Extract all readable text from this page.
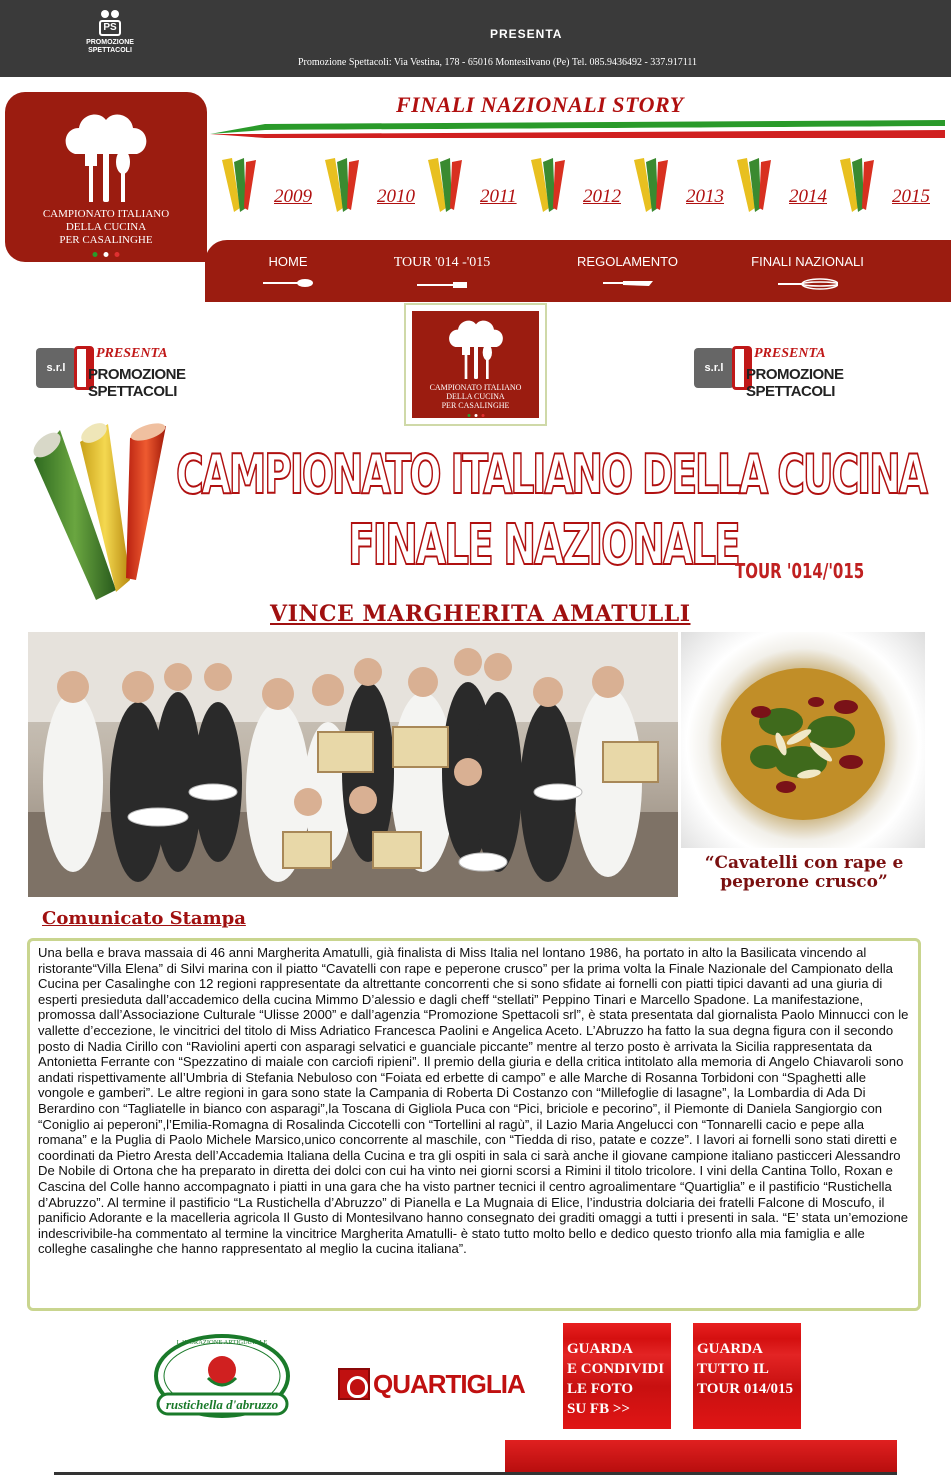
PS
PROMOZIONE SPETTACOLI
PRESENTA
Promozione Spettacoli: Via Vestina, 178 - 65016 Montesilvano (Pe) Tel. 085.9436492 - 337.917111
CAMPIONATO ITALIANO
DELLA CUCINA
PER CASALINGHE
FINALI NAZIONALI STORY
2009	2010	2011	2012	2013	2014	2015
HOME	TOUR '014 -'015	REGOLAMENTO	FINALI NAZIONALI
s.r.l
PRESENTA
PROMOZIONE SPETTACOLI	CAMPIONATO ITALIANO
DELLA CUCINA
PER CASALINGHE
s.r.l
PRESENTA
PROMOZIONE SPETTACOLI
CAMPIONATO ITALIANO DELLA CUCINA
FINALE NAZIONALE
TOUR '014/'015
VINCE MARGHERITA AMATULLI
“Cavatelli con rape e peperone crusco”
Comunicato Stampa

Una bella e brava massaia di 46 anni Margherita Amatulli, già finalista di Miss Italia nel lontano 1986, ha portato in alto la Basilicata vincendo al ristorante“Villa Elena” di Silvi marina con il piatto “Cavatelli con rape e peperone crusco” per la prima volta la Finale Nazionale del Campionato della Cucina per Casalinghe con 12 regioni rappresentate da altrettante concorrenti che si sono sfidate ai fornelli con piatti tipici davanti ad una giuria di esperti presieduta dall’accademico della cucina Mimmo D’alessio e dagli cheff “stellati” Peppino Tinari e Marcello Spadone. La manifestazione, promossa dall’Associazione Culturale “Ulisse 2000” e dall’agenzia “Promozione Spettacoli srl”, è stata presentata dal giornalista Paolo Minnucci con le vallette d’eccezione, le vincitrici del titolo di Miss Adriatico Francesca Paolini e Angelica Aceto. L’Abruzzo ha fatto la sua degna figura con il secondo posto di Nadia Cirillo con “Raviolini aperti con asparagi selvatici e guanciale piccante” mentre al terzo posto è arrivata la Sicilia rappresentata da Antonietta Ferrante con “Spezzatino di maiale con carciofi ripieni”. Il premio della giuria e della critica intitolato alla memoria di Angelo Chiavaroli sono andati rispettivamente all’Umbria di Stefania Nebuloso con “Foiata ed erbette di campo” e alle Marche di Rosanna Torbidoni con “Spaghetti alle vongole e gamberi”. Le altre regioni in gara sono state la Campania di Roberta Di Costanzo con “Millefoglie di lasagne”, la Lombardia di Ada Di Berardino con “Tagliatelle in bianco con asparagi”,la Toscana di Gigliola Puca con “Pici, briciole e pecorino”, il Piemonte di Daniela Sangiorgio con “Coniglio ai peperoni”,l’Emilia-Romagna di Rosalinda Ciccotelli con “Tortellini al ragù”, il Lazio Maria Angelucci con “Tonnarelli cacio e pepe alla romana” e la Puglia di Paolo Michele Marsico,unico concorrente al maschile, con “Tiedda di riso, patate e cozze”. I lavori ai fornelli sono stati diretti e coordinati da Pietro Aresta dell’Accademia Italiana della Cucina e tra gli ospiti in sala ci sarà anche il giovane campione italiano pasticceri Alessandro De Nobile di Ortona che ha preparato in diretta dei dolci con cui ha vinto nei giorni scorsi a Rimini il titolo tricolore. I vini della Cantina Tollo, Roxan e Cascina del Colle hanno accompagnato i piatti in una gara che ha visto partner tecnici il centro agroalimentare “Quartiglia” e il pastificio “Rustichella d’Abruzzo”. Al termine il pastificio “La Rustichella d’Abruzzo” di Pianella e La Mugnaia di Elice, l’industria dolciaria dei fratelli Falcone di Moscufo, il panificio Adorante e la macelleria agricola Il Gusto di Montesilvano hanno consegnato dei graditi omaggi a tutti i presenti in sala. “E’ stata un’emozione indescrivibile-ha commentato al termine la vincitrice Margherita Amatulli- è stato tutto molto bello e dedico questo trionfo alla mia famiglia e alle colleghe casalinghe che hanno rappresentato al meglio la cucina italiana”.

LAVORAZIONE ARTIGIANALE
rustichella d'abruzzo
QUARTIGLIA
GUARDA
E CONDIVIDI
LE FOTO
SU FB >>
GUARDA
TUTTO IL
TOUR 014/015
